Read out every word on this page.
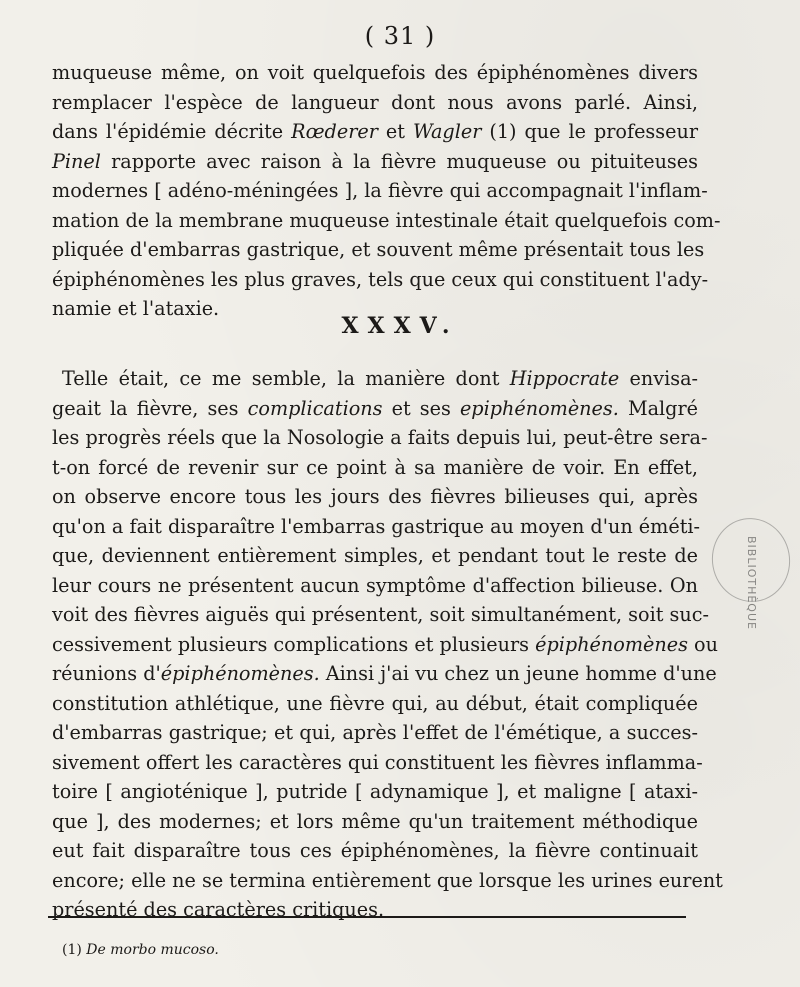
( 31 )
muqueuse même, on voit quelquefois des épiphénomènes divers
remplacer l'espèce de langueur dont nous avons parlé. Ainsi,
dans l'épidémie décrite Rœderer et Wagler (1) que le professeur
Pinel rapporte avec raison à la fièvre muqueuse ou pituiteuses
modernes [ adéno-méningées ], la fièvre qui accompagnait l'inflam-
mation de la membrane muqueuse intestinale était quelquefois com-
pliquée d'embarras gastrique, et souvent même présentait tous les
épiphénomènes les plus graves, tels que ceux qui constituent l'ady-
namie et l'ataxie.
XXXV.
Telle était, ce me semble, la manière dont Hippocrate envisa-
geait la fièvre, ses complications et ses epiphénomènes. Malgré
les progrès réels que la Nosologie a faits depuis lui, peut-être sera-
t-on forcé de revenir sur ce point à sa manière de voir. En effet,
on observe encore tous les jours des fièvres bilieuses qui, après
qu'on a fait disparaître l'embarras gastrique au moyen d'un éméti-
que, deviennent entièrement simples, et pendant tout le reste de
leur cours ne présentent aucun symptôme d'affection bilieuse. On
voit des fièvres aiguës qui présentent, soit simultanément, soit suc-
cessivement plusieurs complications et plusieurs épiphénomènes ou
réunions d'épiphénomènes. Ainsi j'ai vu chez un jeune homme d'une
constitution athlétique, une fièvre qui, au début, était compliquée
d'embarras gastrique; et qui, après l'effet de l'émétique, a succes-
sivement offert les caractères qui constituent les fièvres inflamma-
toire [ angioténique ], putride [ adynamique ], et maligne [ ataxi-
que ], des modernes; et lors même qu'un traitement méthodique
eut fait disparaître tous ces épiphénomènes, la fièvre continuait
encore; elle ne se termina entièrement que lorsque les urines eurent
présenté des caractères critiques.
(1) De morbo mucoso.
BIBLIOTHÈQUE
